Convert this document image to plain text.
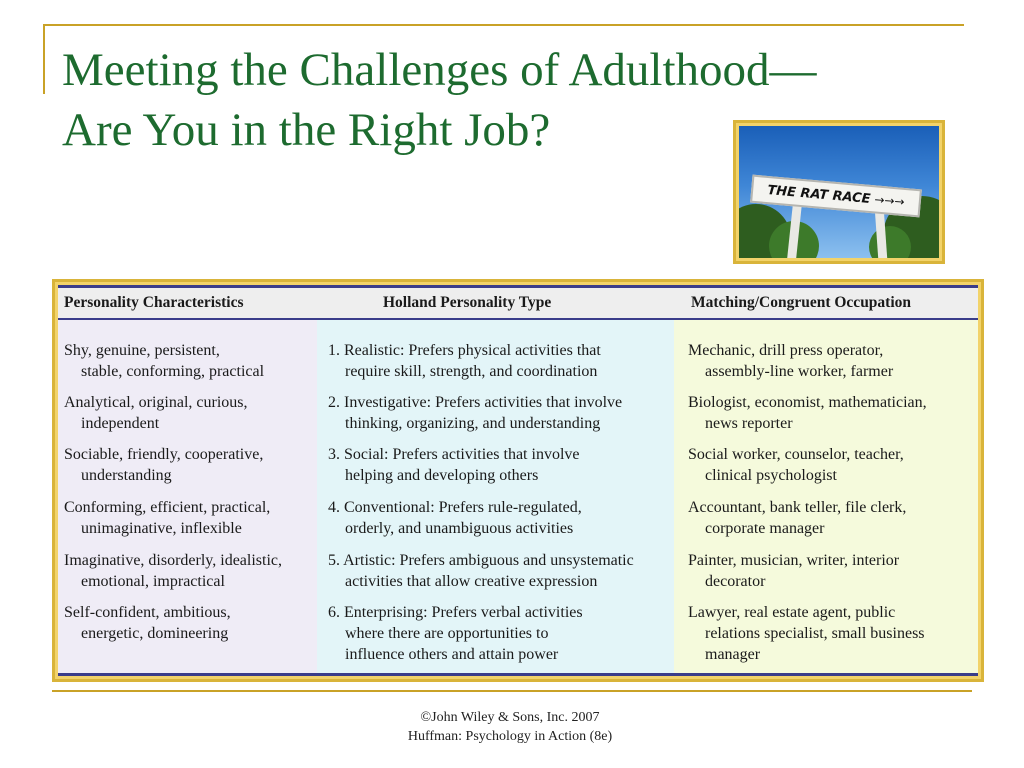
Meeting the Challenges of Adulthood—
Are You in the Right Job?
THE RAT RACE →→→
Personality Characteristics	Holland Personality Type	Matching/Congruent Occupation
Shy, genuine, persistent,
stable, conforming, practical
1. Realistic: Prefers physical activities that
require skill, strength, and coordination
Mechanic, drill press operator,
assembly-line worker, farmer
Analytical, original, curious,
independent
2. Investigative: Prefers activities that involve
thinking, organizing, and understanding
Biologist, economist, mathematician,
news reporter
Sociable, friendly, cooperative,
understanding
3. Social: Prefers activities that involve
helping and developing others
Social worker, counselor, teacher,
clinical psychologist
Conforming, efficient, practical,
unimaginative, inflexible
4. Conventional: Prefers rule-regulated,
orderly, and unambiguous activities
Accountant, bank teller, file clerk,
corporate manager
Imaginative, disorderly, idealistic,
emotional, impractical
5. Artistic: Prefers ambiguous and unsystematic
activities that allow creative expression
Painter, musician, writer, interior
decorator
Self-confident, ambitious,
energetic, domineering
6. Enterprising: Prefers verbal activities
where there are opportunities to
influence others and attain power
Lawyer, real estate agent, public
relations specialist, small business
manager
©John Wiley & Sons, Inc. 2007
Huffman: Psychology in Action (8e)
